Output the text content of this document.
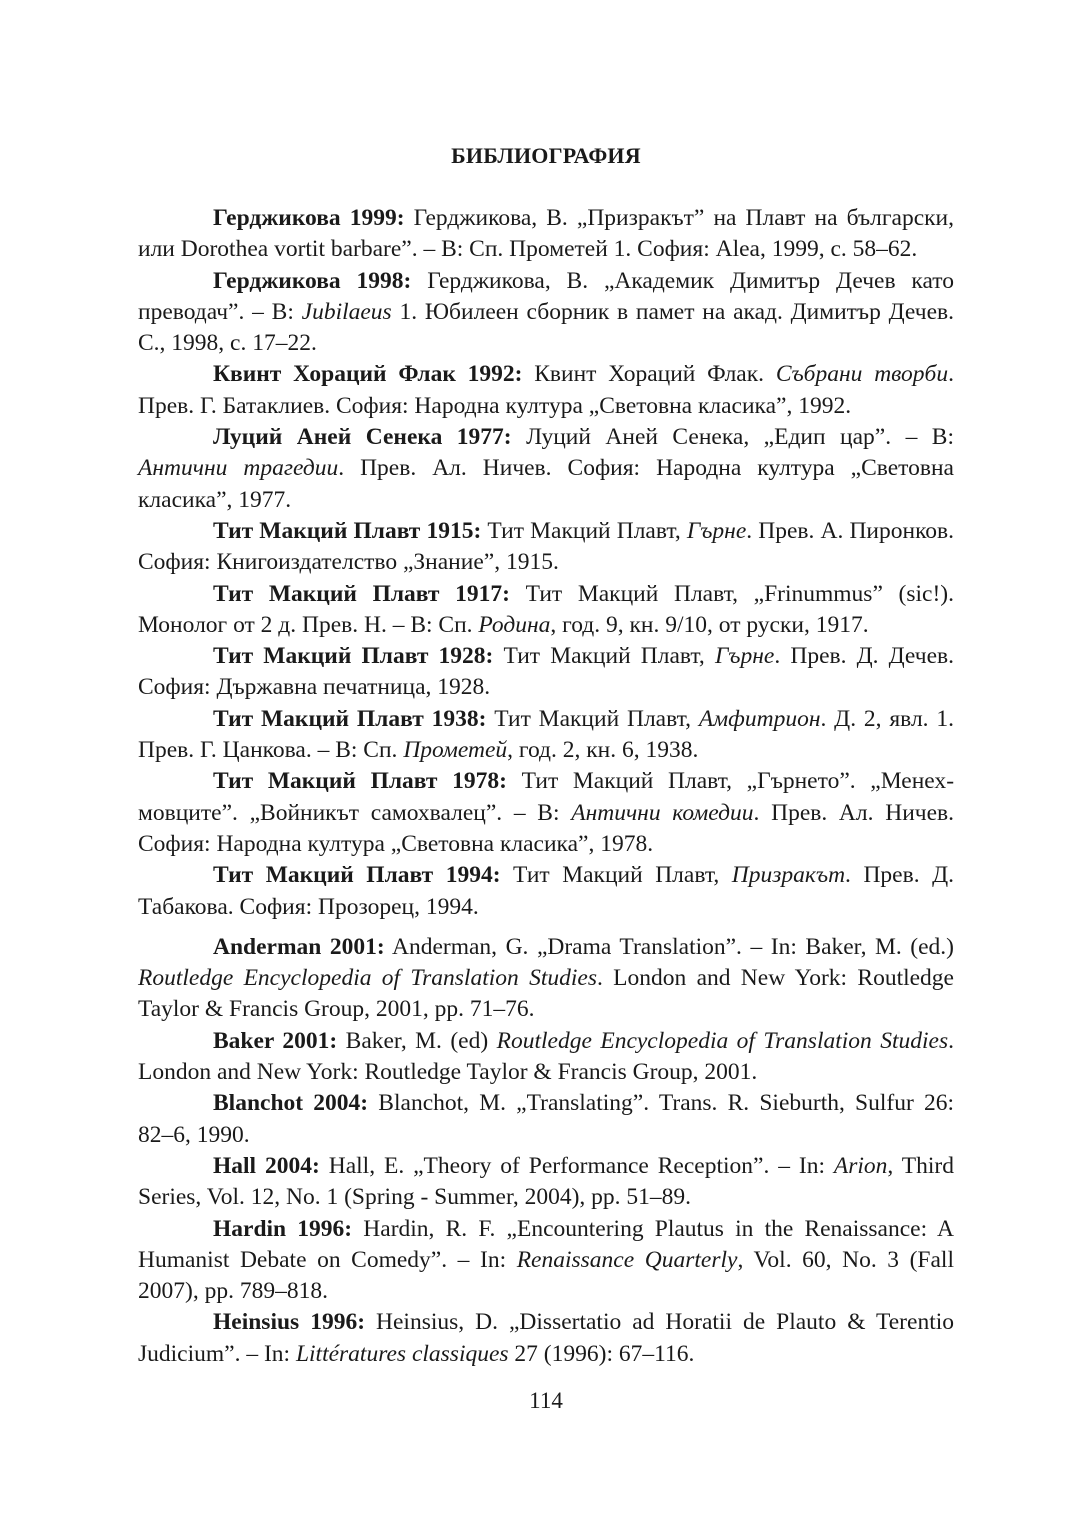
БИБЛИОГРАФИЯ

Герджикова 1999: Герджикова, В. „Призракът” на Плавт на български, или Dorothea vortit barbare”. – В: Сп. Прометей 1. София: Alea, 1999, с. 58–62.

Герджикова 1998: Герджикова, В. „Академик Димитър Дечев като преводач”. – В: Jubilaeus 1. Юбилеен сборник в памет на акад. Димитър Дечев. С., 1998, с. 17–22.

Квинт Хораций Флак 1992: Квинт Хораций Флак. Събрани творби. Прев. Г. Батаклиев. София: Народна култура „Световна класика”, 1992.

Луций Аней Сенека 1977: Луций Аней Сенека, „Едип цар”. – В: Антични трагедии. Прев. Ал. Ничев. София: Народна култура „Световна класика”, 1977.

Тит Макций Плавт 1915: Тит Макций Плавт, Гърне. Прев. А. Пиронков. София: Книгоиздателство „Знание”, 1915.

Тит Макций Плавт 1917: Тит Макций Плавт, „Frinummus” (sic!). Монолог от 2 д. Прев. Н. – В: Сп. Родина, год. 9, кн. 9/10, от руски, 1917.

Тит Макций Плавт 1928: Тит Макций Плавт, Гърне. Прев. Д. Дечев. София: Държавна печатница, 1928.

Тит Макций Плавт 1938: Тит Макций Плавт, Амфитрион. Д. 2, явл. 1. Прев. Г. Цанкова. – В: Сп. Прометей, год. 2, кн. 6, 1938.

Тит Макций Плавт 1978: Тит Макций Плавт, „Гърнето”. „Менехмовците”. „Войникът самохвалец”. – В: Антични комедии. Прев. Ал. Ничев. София: Народна култура „Световна класика”, 1978.

Тит Макций Плавт 1994: Тит Макций Плавт, Призракът. Прев. Д. Табакова. София: Прозорец, 1994.

Anderman 2001: Anderman, G. „Drama Translation”. – In: Baker, M. (ed.) Routledge Encyclopedia of Translation Studies. London and New York: Routledge Taylor & Francis Group, 2001, pp. 71–76.

Baker 2001: Baker, M. (ed) Routledge Encyclopedia of Translation Studies. London and New York: Routledge Taylor & Francis Group, 2001.

Blanchot 2004: Blanchot, M. „Translating”. Trans. R. Sieburth, Sulfur 26: 82–6, 1990.

Hall 2004: Hall, E. „Theory of Performance Reception”. – In: Arion, Third Series, Vol. 12, No. 1 (Spring - Summer, 2004), pp. 51–89.

Hardin 1996: Hardin, R. F. „Encountering Plautus in the Renaissance: A Humanist Debate on Comedy”. – In: Renaissance Quarterly, Vol. 60, No. 3 (Fall 2007), pp. 789–818.

Heinsius 1996: Heinsius, D. „Dissertatio ad Horatii de Plauto & Terentio Judicium”. – In: Littératures classiques 27 (1996): 67–116.

114
